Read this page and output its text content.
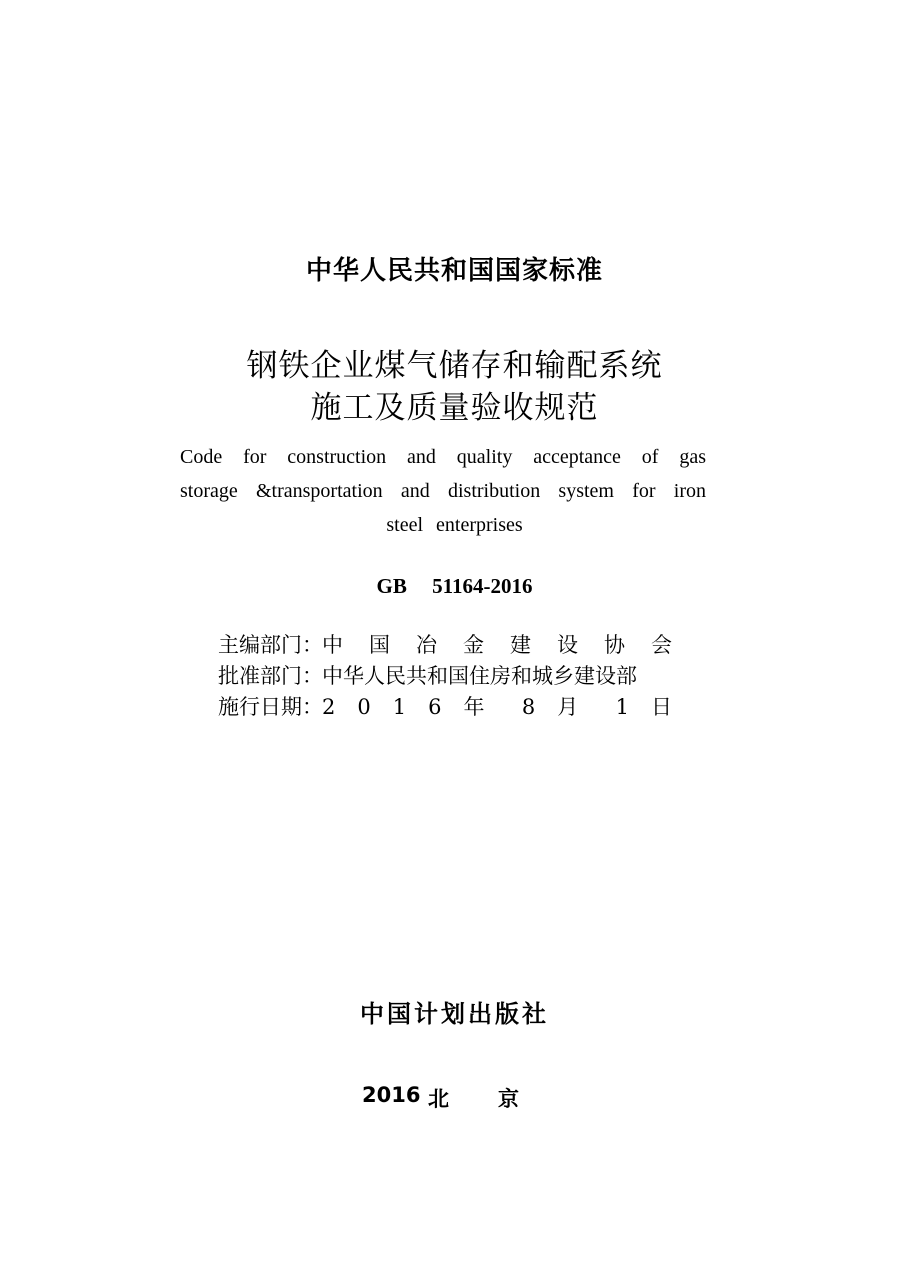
中华人民共和国国家标准
钢铁企业煤气储存和输配系统
施工及质量验收规范
Code for construction and quality acceptance of gas
storage &transportation and distribution system for iron
steel enterprises
GB 51164-2016
主编部门： 中 国 冶 金 建 设 协 会
批准部门： 中华人民共和国住房和城乡建设部
施行日期： 2 0 1 6 年 8 月 1 日
中国计划出版社
2016 北 京
